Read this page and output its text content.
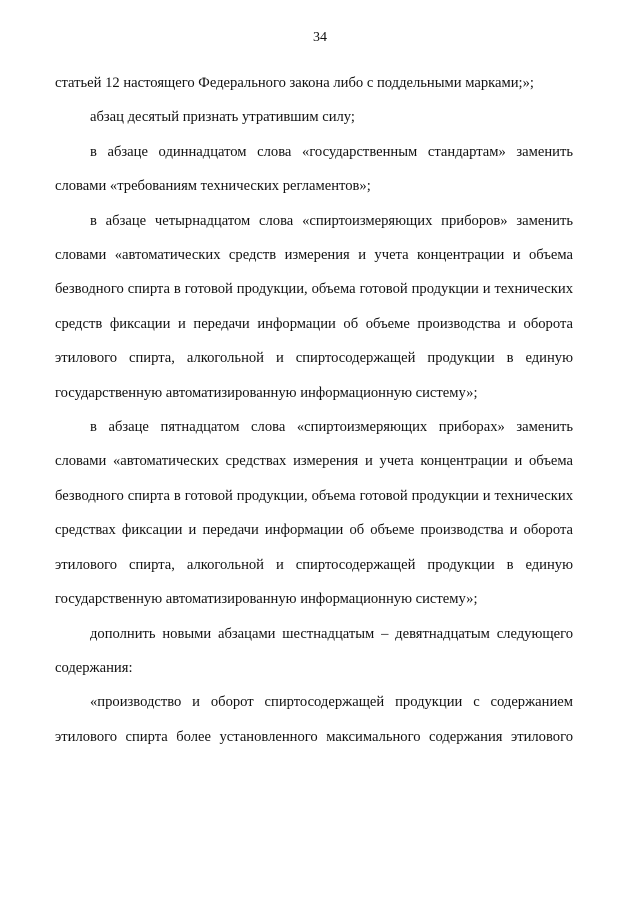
34

статьей 12 настоящего Федерального закона либо с поддельными марками;»;

абзац десятый признать утратившим силу;

в абзаце одиннадцатом слова «государственным стандартам» заменить словами «требованиям технических регламентов»;

в абзаце четырнадцатом слова «спиртоизмеряющих приборов» заменить словами «автоматических средств измерения и учета концентрации и объема безводного спирта в готовой продукции, объема готовой продукции и технических средств фиксации и передачи информации об объеме производства и оборота этилового спирта, алкогольной и спиртосодержащей продукции в единую государственную автоматизированную информационную систему»;

в абзаце пятнадцатом слова «спиртоизмеряющих приборах» заменить словами «автоматических средствах измерения и учета концентрации и объема безводного спирта в готовой продукции, объема готовой продукции и технических средствах фиксации и передачи информации об объеме производства и оборота этилового спирта, алкогольной и спиртосодержащей продукции в единую государственную автоматизированную информационную систему»;

дополнить новыми абзацами шестнадцатым – девятнадцатым следующего содержания:

«производство и оборот спиртосодержащей продукции с содержанием этилового спирта более установленного максимального содержания этилового
